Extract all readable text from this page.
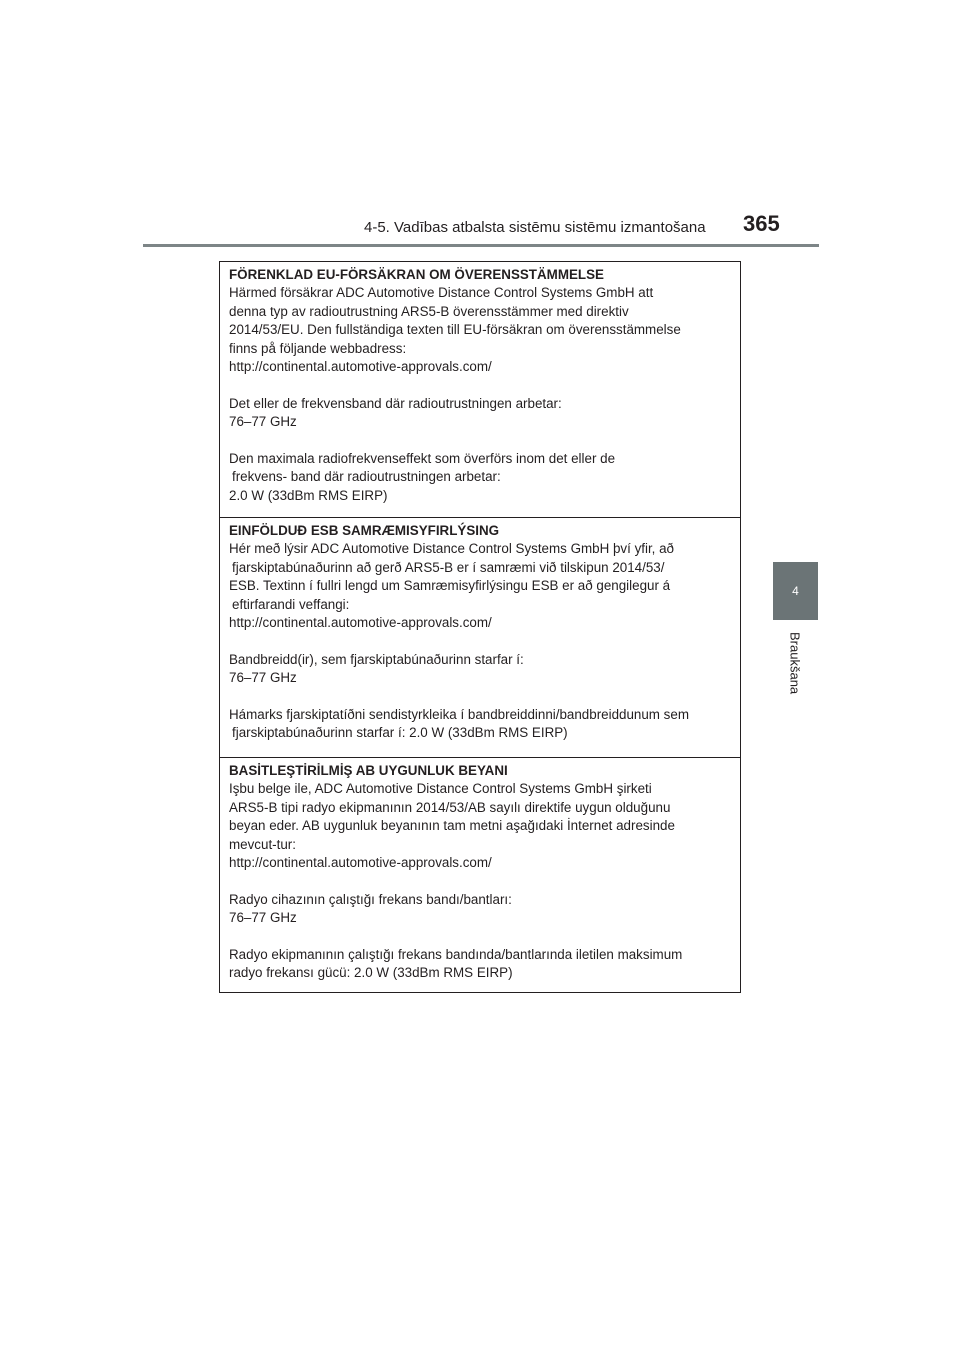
4-5. Vadības atbalsta sistēmu sistēmu izmantošana 365
4
Braukšana
FÖRENKLAD EU-FÖRSÄKRAN OM ÖVERENSSTÄMMELSE
Härmed försäkrar ADC Automotive Distance Control Systems GmbH att
denna typ av radioutrustning ARS5-B överensstämmer med direktiv
2014/53/EU. Den fullständiga texten till EU-försäkran om överensstämmelse
finns på följande webbadress:
http://continental.automotive-approvals.com/
Det eller de frekvensband där radioutrustningen arbetar:
76–77 GHz
Den maximala radiofrekvenseffekt som överförs inom det eller de
frekvens- band där radioutrustningen arbetar:
2.0 W (33dBm RMS EIRP)
EINFÖLDUÐ ESB SAMRÆMISYFIRLÝSING
Hér með lýsir ADC Automotive Distance Control Systems GmbH því yfir, að
fjarskiptabúnaðurinn að gerð ARS5-B er í samræmi við tilskipun 2014/53/
ESB. Textinn í fullri lengd um Samræmisyfirlýsingu ESB er að gengilegur á
eftirfarandi veffangi:
http://continental.automotive-approvals.com/
Bandbreidd(ir), sem fjarskiptabúnaðurinn starfar í:
76–77 GHz
Hámarks fjarskiptatíðni sendistyrkleika í bandbreiddinni/bandbreiddunum sem
fjarskiptabúnaðurinn starfar í: 2.0 W (33dBm RMS EIRP)
BASİTLEŞTİRİLMİŞ AB UYGUNLUK BEYANI
Işbu belge ile, ADC Automotive Distance Control Systems GmbH şirketi
ARS5-B tipi radyo ekipmanının 2014/53/AB sayılı direktife uygun olduğunu
beyan eder. AB uygunluk beyanının tam metni aşağıdaki İnternet adresinde
mevcut-tur:
http://continental.automotive-approvals.com/
Radyo cihazının çalıştığı frekans bandı/bantları:
76–77 GHz
Radyo ekipmanının çalıştığı frekans bandında/bantlarında iletilen maksimum
radyo frekansı gücü: 2.0 W (33dBm RMS EIRP)
